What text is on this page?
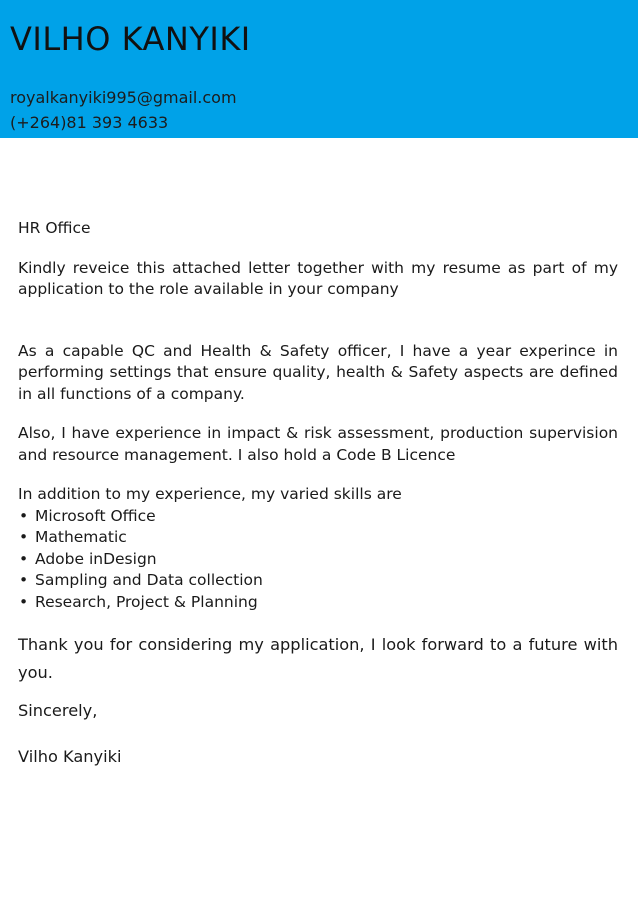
VILHO KANYIKI
royalkanyiki995@gmail.com
(+264)81 393 4633

HR Office

Kindly reveice this attached letter together with my resume as part of my application to the role available in your company

As a capable QC and Health & Safety officer, I have a year experince in performing settings that ensure quality, health & Safety aspects are defined in all functions of a company.

Also, I have experience in impact & risk assessment, production supervision and resource management. I also hold a Code B Licence

In addition to my experience, my varied skills are

• Microsoft Office
• Mathematic
• Adobe inDesign
• Sampling and Data collection
• Research, Project & Planning

Thank you for considering my application, I look forward to a future with you.

Sincerely,

Vilho Kanyiki
